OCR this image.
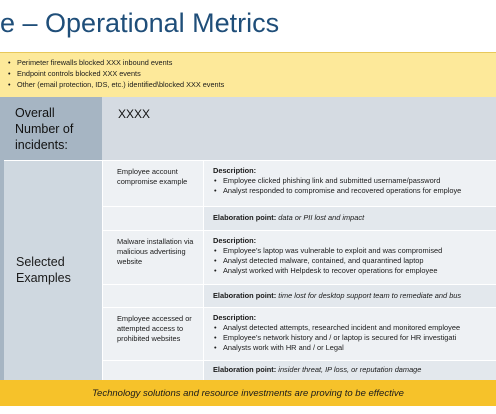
e – Operational Metrics
• Perimeter firewalls blocked XXX inbound events
• Endpoint controls blocked XXX events
• Other (email protection, IDS, etc.) identified\blocked XXX events
Overall Number of incidents:
XXXX
Selected Examples
Employee account compromise example
Description:
• Employee clicked phishing link and submitted username/password
• Analyst responded to compromise and recovered operations for employe
Elaboration point: data or PII lost and impact
Malware installation via malicious advertising website
Description:
• Employee’s laptop was vulnerable to exploit and was compromised
• Analyst detected malware, contained, and quarantined laptop
• Analyst worked with Helpdesk to recover operations for employee
Elaboration point: time lost for desktop support team to remediate and bus
Employee accessed or attempted access to prohibited websites
Description:
• Analyst detected attempts, researched incident and monitored employee
• Employee’s network history and / or laptop is secured for HR investigati
• Analysts work with HR and / or Legal
Elaboration point: insider threat, IP loss, or reputation damage
Technology solutions and resource investments are proving to be effective
